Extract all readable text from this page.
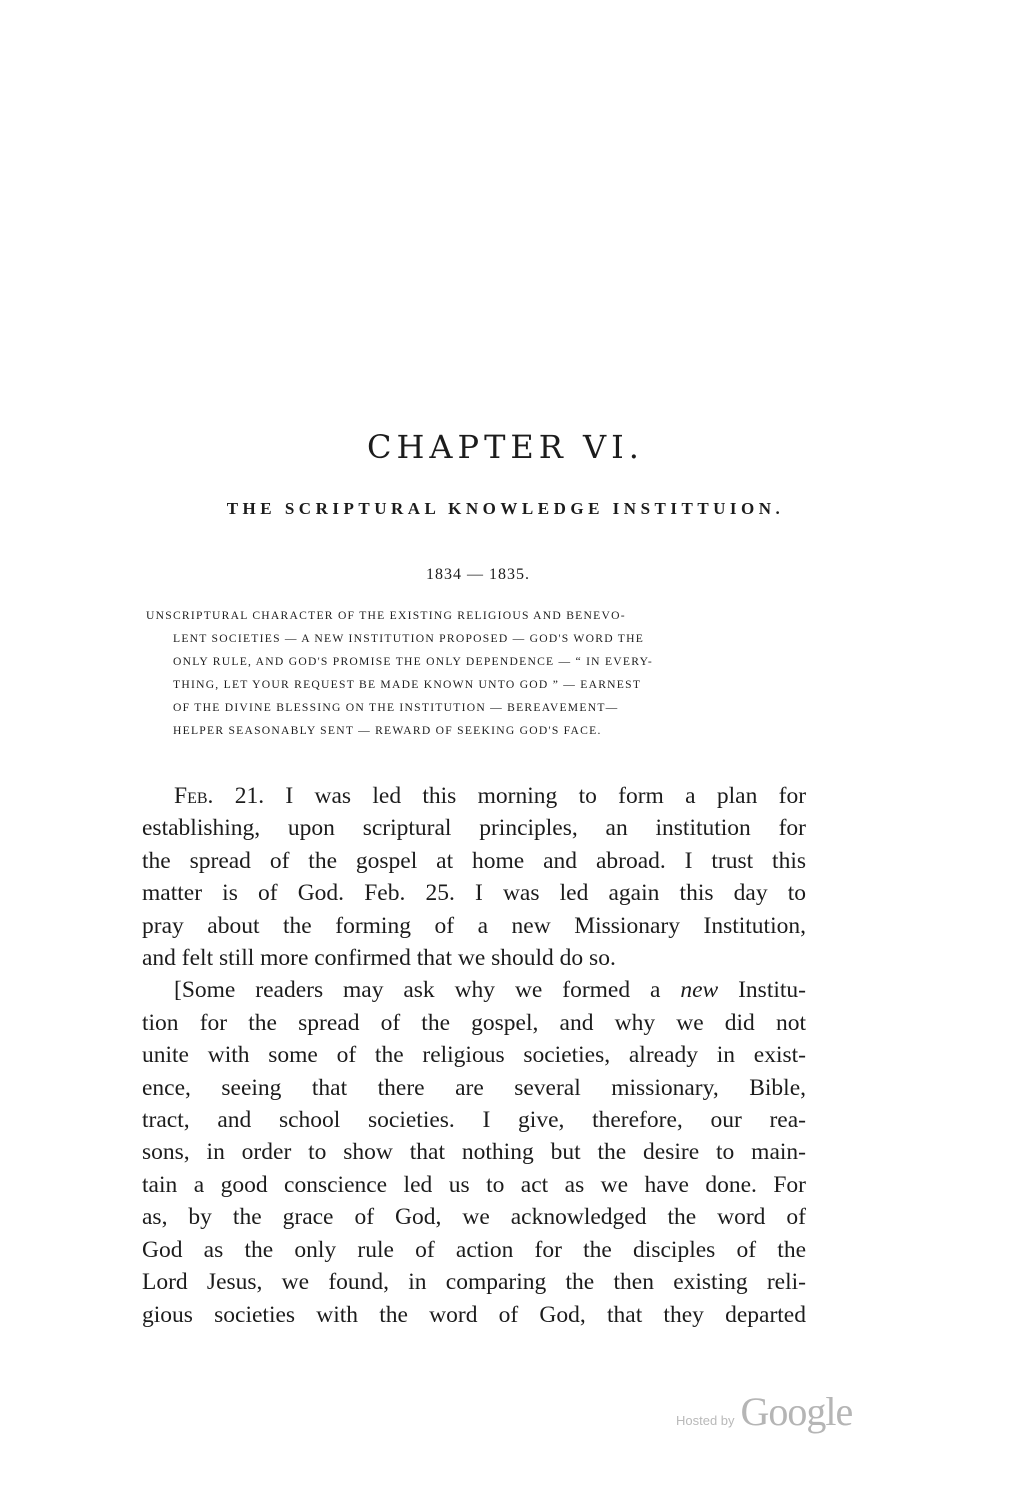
CHAPTER VI.
THE SCRIPTURAL KNOWLEDGE INSTITTUION.
1834 — 1835.
UNSCRIPTURAL CHARACTER OF THE EXISTING RELIGIOUS AND BENEVO-
LENT SOCIETIES — A NEW INSTITUTION PROPOSED — GOD'S WORD THE
ONLY RULE, AND GOD'S PROMISE THE ONLY DEPENDENCE — “ IN EVERY-
THING, LET YOUR REQUEST BE MADE KNOWN UNTO GOD ” — EARNEST
OF THE DIVINE BLESSING ON THE INSTITUTION — BEREAVEMENT—
HELPER SEASONABLY SENT — REWARD OF SEEKING GOD'S FACE.
Feb. 21. I was led this morning to form a plan for
establishing, upon scriptural principles, an institution for
the spread of the gospel at home and abroad. I trust this
matter is of God. Feb. 25. I was led again this day to
pray about the forming of a new Missionary Institution,
and felt still more confirmed that we should do so.
[Some readers may ask why we formed a new Institu-
tion for the spread of the gospel, and why we did not
unite with some of the religious societies, already in exist-
ence, seeing that there are several missionary, Bible,
tract, and school societies. I give, therefore, our rea-
sons, in order to show that nothing but the desire to main-
tain a good conscience led us to act as we have done. For
as, by the grace of God, we acknowledged the word of
God as the only rule of action for the disciples of the
Lord Jesus, we found, in comparing the then existing reli-
gious societies with the word of God, that they departed
Hosted by Google
